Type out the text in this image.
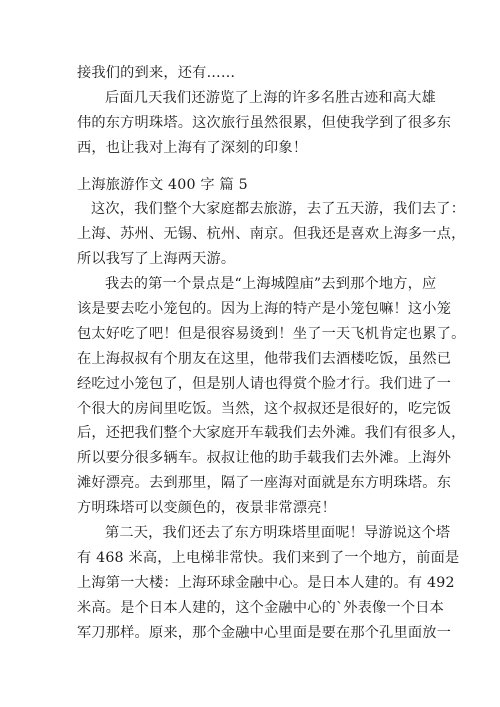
接我们的到来，还有……
后面几天我们还游览了上海的许多名胜古迹和高大雄
伟的东方明珠塔。这次旅行虽然很累，但使我学到了很多东
西，也让我对上海有了深刻的印象！
上海旅游作文 400 字 篇 5
这次，我们整个大家庭都去旅游，去了五天游，我们去了：
上海、苏州、无锡、杭州、南京。但我还是喜欢上海多一点，
所以我写了上海两天游。
我去的第一个景点是“上海城隍庙”去到那个地方，应
该是要去吃小笼包的。因为上海的特产是小笼包嘛！这小笼
包太好吃了吧！但是很容易烫到！坐了一天飞机肯定也累了。
在上海叔叔有个朋友在这里，他带我们去酒楼吃饭，虽然已
经吃过小笼包了，但是别人请也得赏个脸才行。我们进了一
个很大的房间里吃饭。当然，这个叔叔还是很好的，吃完饭
后，还把我们整个大家庭开车载我们去外滩。我们有很多人，
所以要分很多辆车。叔叔让他的助手载我们去外滩。上海外
滩好漂亮。去到那里，隔了一座海对面就是东方明珠塔。东
方明珠塔可以变颜色的，夜景非常漂亮！
第二天，我们还去了东方明珠塔里面呢！导游说这个塔
有 468 米高，上电梯非常快。我们来到了一个地方，前面是
上海第一大楼：上海环球金融中心。是日本人建的。有 492
米高。是个日本人建的，这个金融中心的`外表像一个日本
军刀那样。原来，那个金融中心里面是要在那个孔里面放一
